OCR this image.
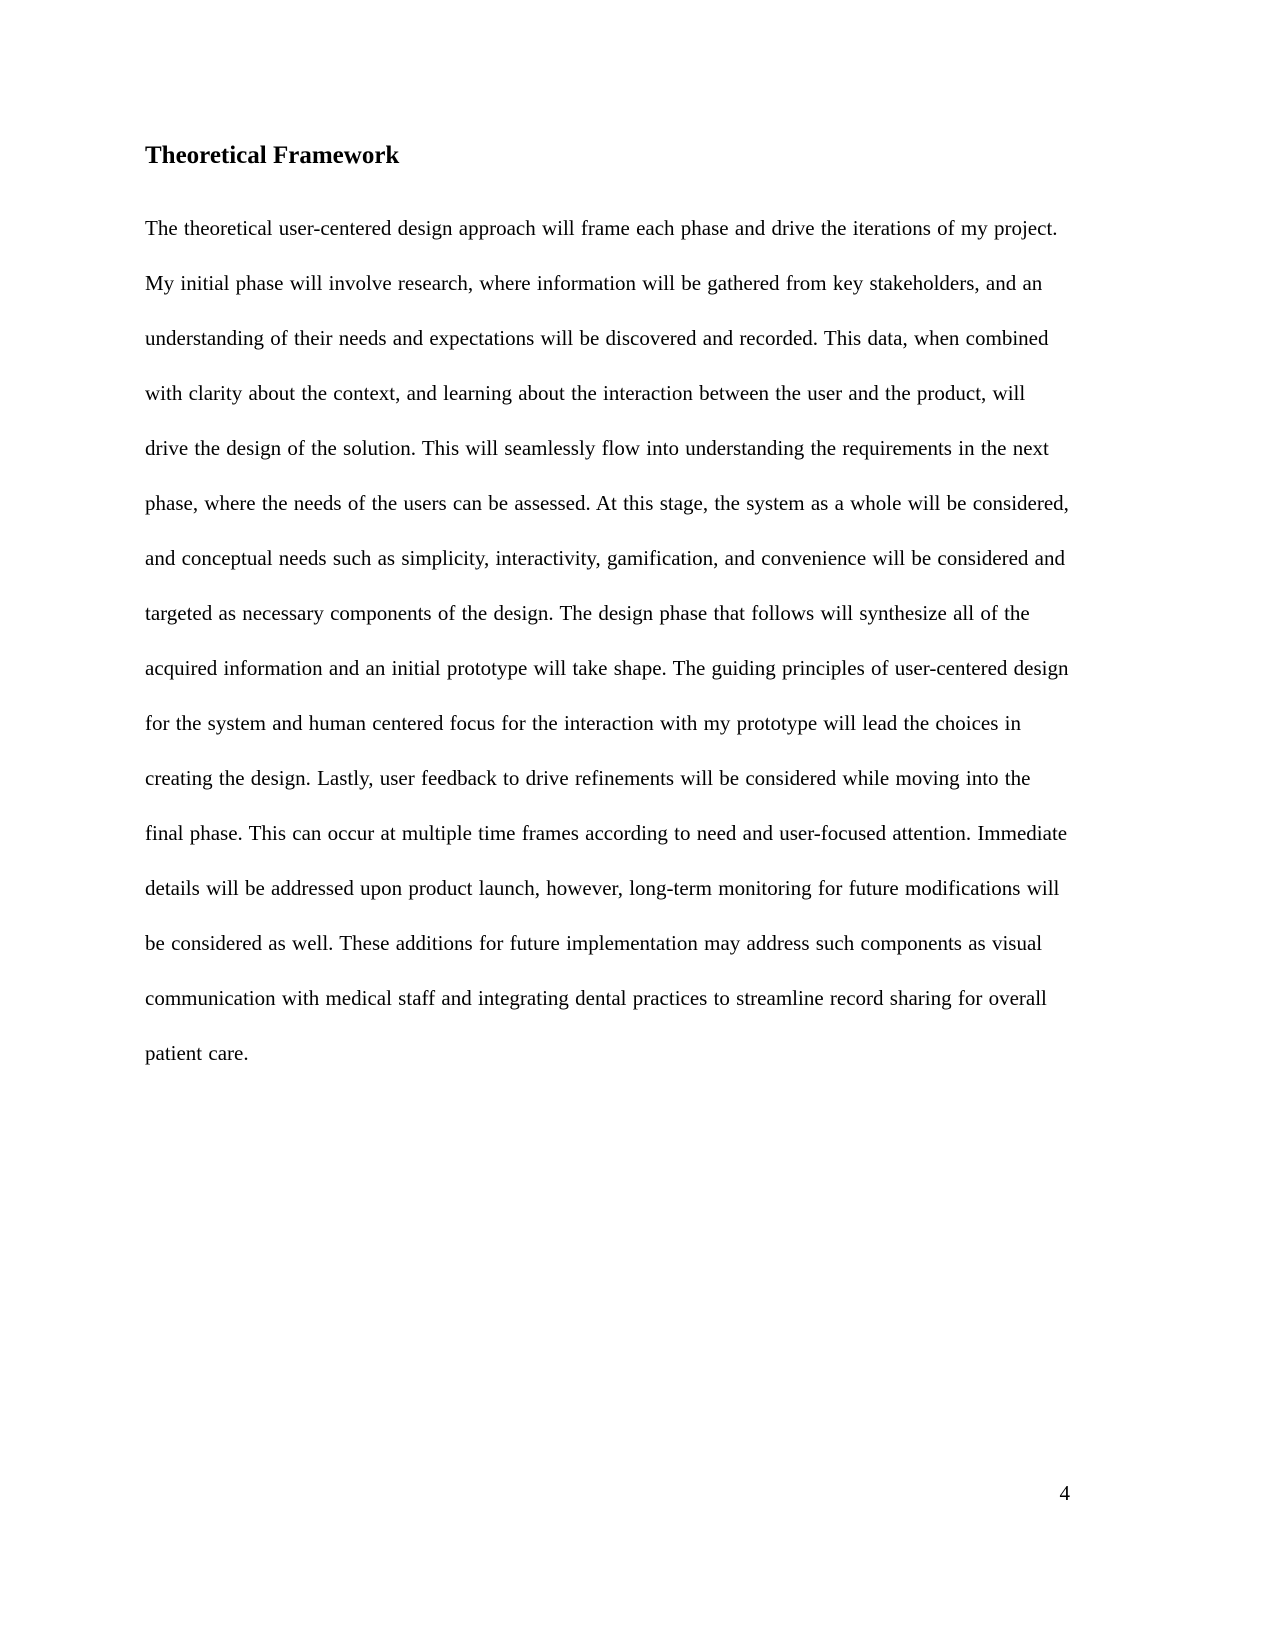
Theoretical Framework

The theoretical user-centered design approach will frame each phase and drive the iterations of my project. My initial phase will involve research, where information will be gathered from key stakeholders, and an understanding of their needs and expectations will be discovered and recorded. This data, when combined with clarity about the context, and learning about the interaction between the user and the product, will drive the design of the solution. This will seamlessly flow into understanding the requirements in the next phase, where the needs of the users can be assessed. At this stage, the system as a whole will be considered, and conceptual needs such as simplicity, interactivity, gamification, and convenience will be considered and targeted as necessary components of the design. The design phase that follows will synthesize all of the acquired information and an initial prototype will take shape. The guiding principles of user-centered design for the system and human centered focus for the interaction with my prototype will lead the choices in creating the design. Lastly, user feedback to drive refinements will be considered while moving into the final phase. This can occur at multiple time frames according to need and user-focused attention. Immediate details will be addressed upon product launch, however, long-term monitoring for future modifications will be considered as well. These additions for future implementation may address such components as visual communication with medical staff and integrating dental practices to streamline record sharing for overall patient care.

4
